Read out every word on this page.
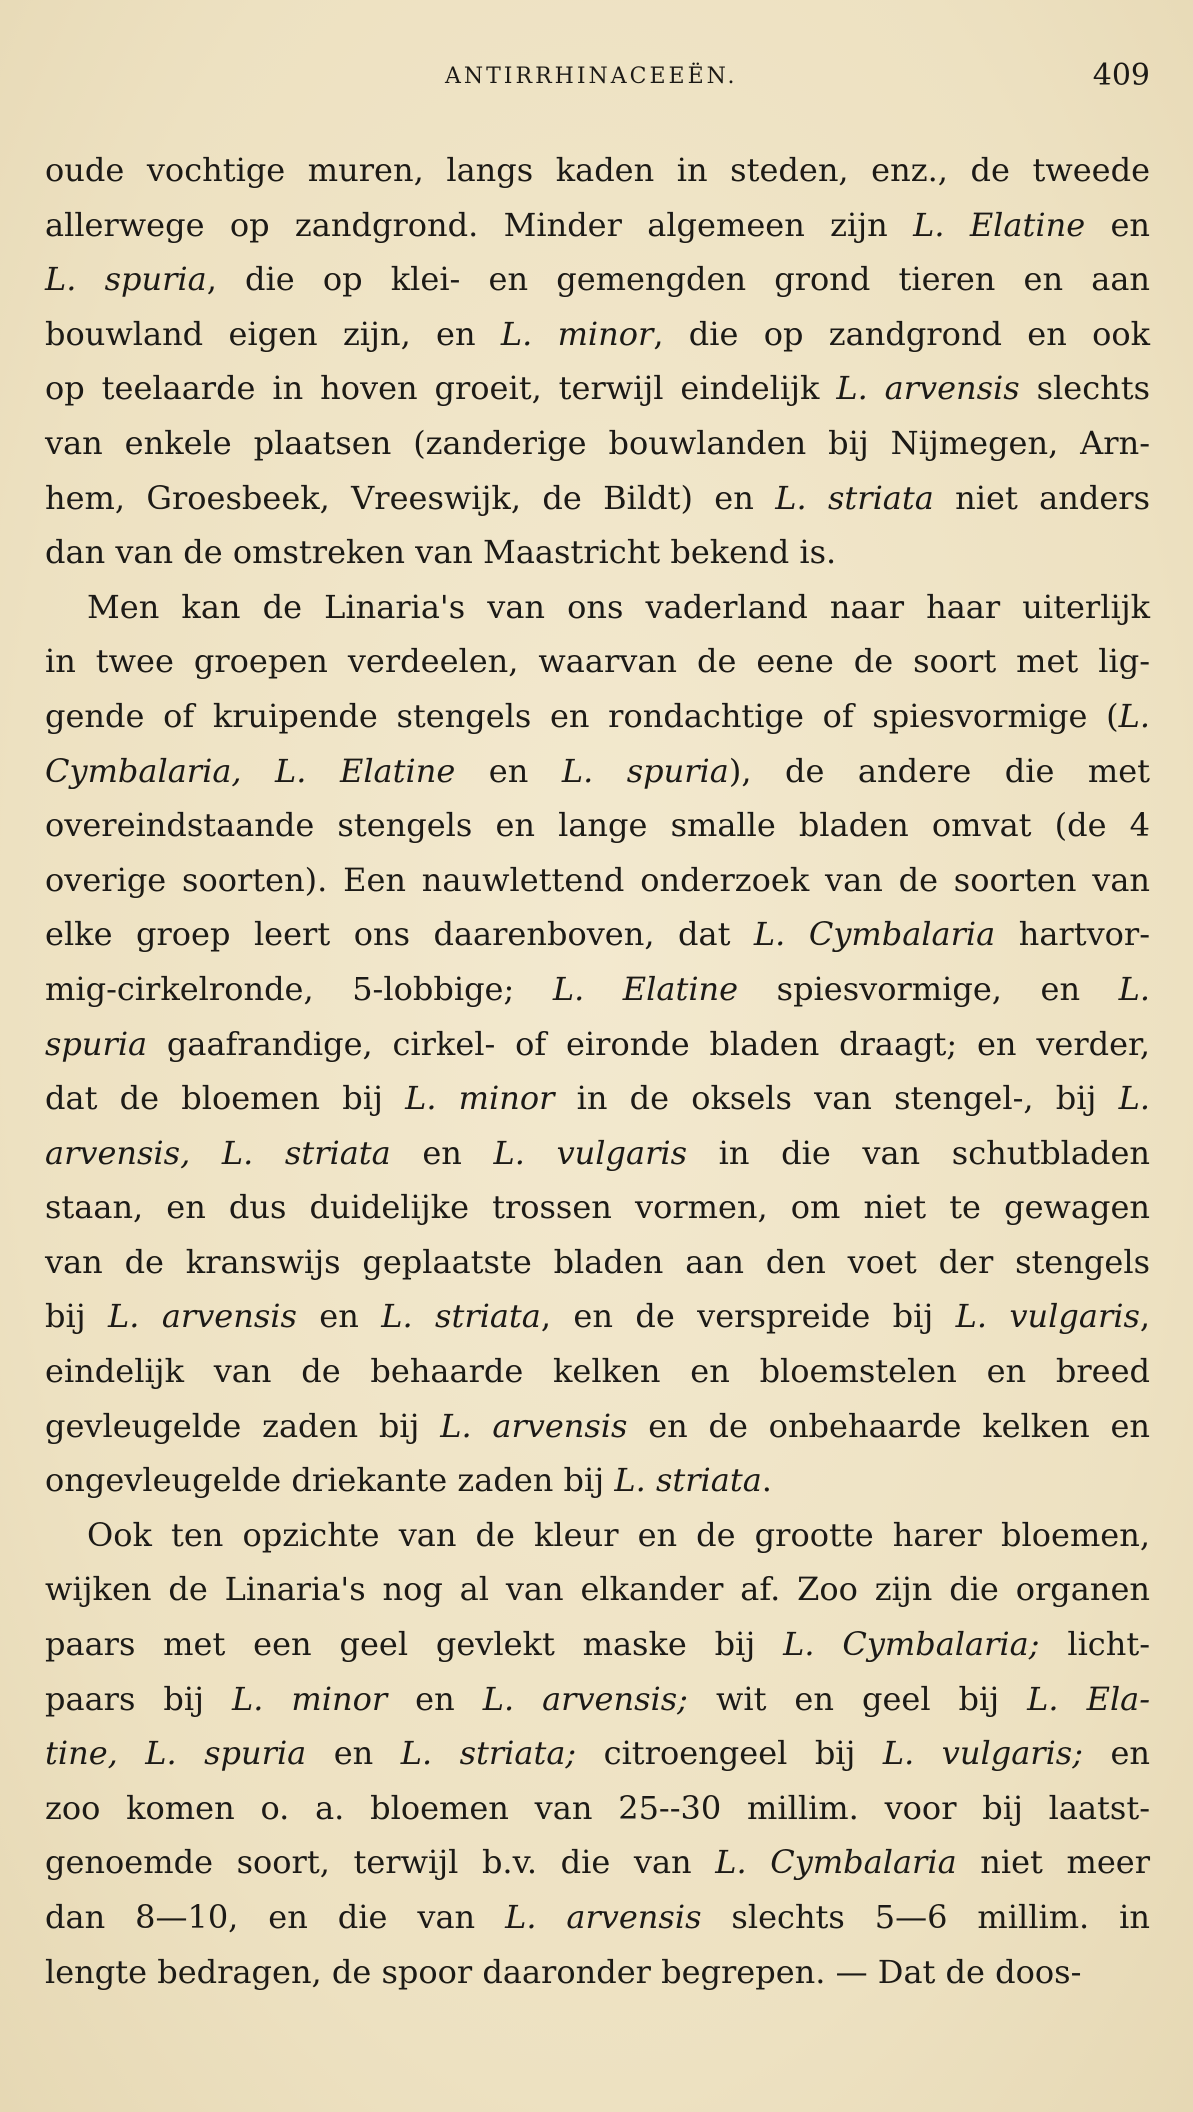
ANTIRRHINACEEËN.	409
oude vochtige muren, langs kaden in steden, enz., de tweede
allerwege op zandgrond. Minder algemeen zijn L. Elatine en
L. spuria, die op klei- en gemengden grond tieren en aan
bouwland eigen zijn, en L. minor, die op zandgrond en ook
op teelaarde in hoven groeit, terwijl eindelijk L. arvensis slechts
van enkele plaatsen (zanderige bouwlanden bij Nijmegen, Arn-
hem, Groesbeek, Vreeswijk, de Bildt) en L. striata niet anders
dan van de omstreken van Maastricht bekend is.
Men kan de Linaria's van ons vaderland naar haar uiterlijk
in twee groepen verdeelen, waarvan de eene de soort met lig-
gende of kruipende stengels en rondachtige of spiesvormige (L.
Cymbalaria, L. Elatine en L. spuria), de andere die met
overeindstaande stengels en lange smalle bladen omvat (de 4
overige soorten). Een nauwlettend onderzoek van de soorten van
elke groep leert ons daarenboven, dat L. Cymbalaria hartvor-
mig-cirkelronde, 5-lobbige; L. Elatine spiesvormige, en L.
spuria gaafrandige, cirkel- of eironde bladen draagt; en verder,
dat de bloemen bij L. minor in de oksels van stengel-, bij L.
arvensis, L. striata en L. vulgaris in die van schutbladen
staan, en dus duidelijke trossen vormen, om niet te gewagen
van de kranswijs geplaatste bladen aan den voet der stengels
bij L. arvensis en L. striata, en de verspreide bij L. vulgaris,
eindelijk van de behaarde kelken en bloemstelen en breed
gevleugelde zaden bij L. arvensis en de onbehaarde kelken en
ongevleugelde driekante zaden bij L. striata.
Ook ten opzichte van de kleur en de grootte harer bloemen,
wijken de Linaria's nog al van elkander af. Zoo zijn die organen
paars met een geel gevlekt maske bij L. Cymbalaria; licht-
paars bij L. minor en L. arvensis; wit en geel bij L. Ela-
tine, L. spuria en L. striata; citroengeel bij L. vulgaris; en
zoo komen o. a. bloemen van 25--30 millim. voor bij laatst-
genoemde soort, terwijl b.v. die van L. Cymbalaria niet meer
dan 8—10, en die van L. arvensis slechts 5—6 millim. in
lengte bedragen, de spoor daaronder begrepen. — Dat de doos-
